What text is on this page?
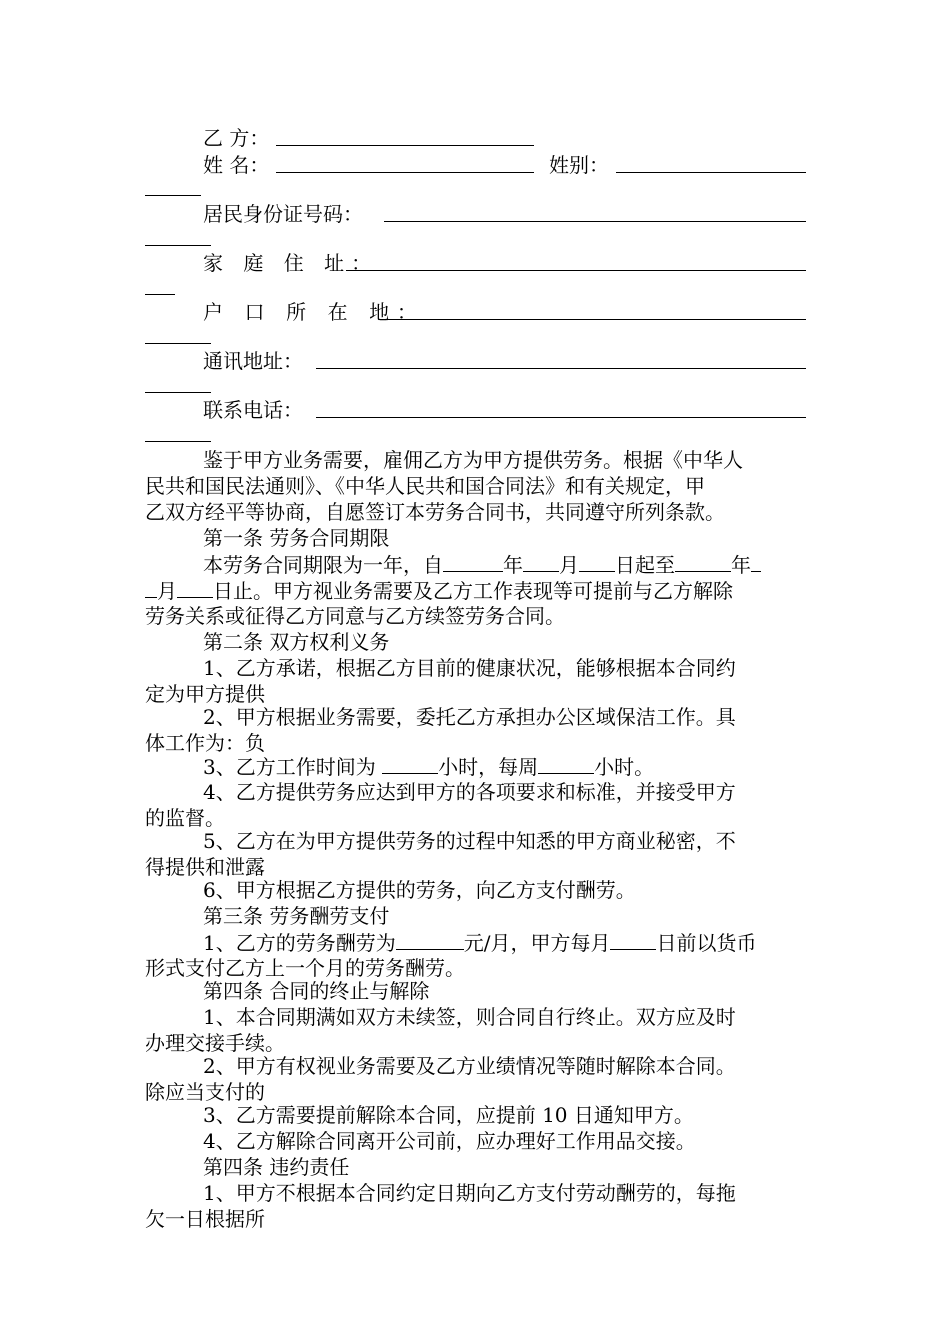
乙 方：
姓 名：	姓别：
居民身份证号码：
家 庭 住 址：
户 口 所 在 地：
通讯地址：
联系电话：
鉴于甲方业务需要，雇佣乙方为甲方提供劳务。根据《中华人
民共和国民法通则》、《中华人民共和国合同法》和有关规定，甲
乙双方经平等协商，自愿签订本劳务合同书，共同遵守所列条款。
第一条 劳务合同期限
本劳务合同期限为一年，自	年 月 日起至	年
月 日止。甲方视业务需要及乙方工作表现等可提前与乙方解除
劳务关系或征得乙方同意与乙方续签劳务合同。
第二条 双方权利义务
1、乙方承诺，根据乙方目前的健康状况，能够根据本合同约
定为甲方提供
2、甲方根据业务需要，委托乙方承担办公区域保洁工作。具
体工作为：负
3、乙方工作时间为	小时，每周	小时。
4、乙方提供劳务应达到甲方的各项要求和标准，并接受甲方
的监督。
5、乙方在为甲方提供劳务的过程中知悉的甲方商业秘密，不
得提供和泄露
6、甲方根据乙方提供的劳务，向乙方支付酬劳。
第三条 劳务酬劳支付
1、乙方的劳务酬劳为	元/月，甲方每月 日前以货币
形式支付乙方上一个月的劳务酬劳。
第四条 合同的终止与解除
1、本合同期满如双方未续签，则合同自行终止。双方应及时
办理交接手续。
2、甲方有权视业务需要及乙方业绩情况等随时解除本合同。
除应当支付的
3、乙方需要提前解除本合同，应提前 10 日通知甲方。
4、乙方解除合同离开公司前，应办理好工作用品交接。
第四条 违约责任
1、甲方不根据本合同约定日期向乙方支付劳动酬劳的，每拖
欠一日根据所
